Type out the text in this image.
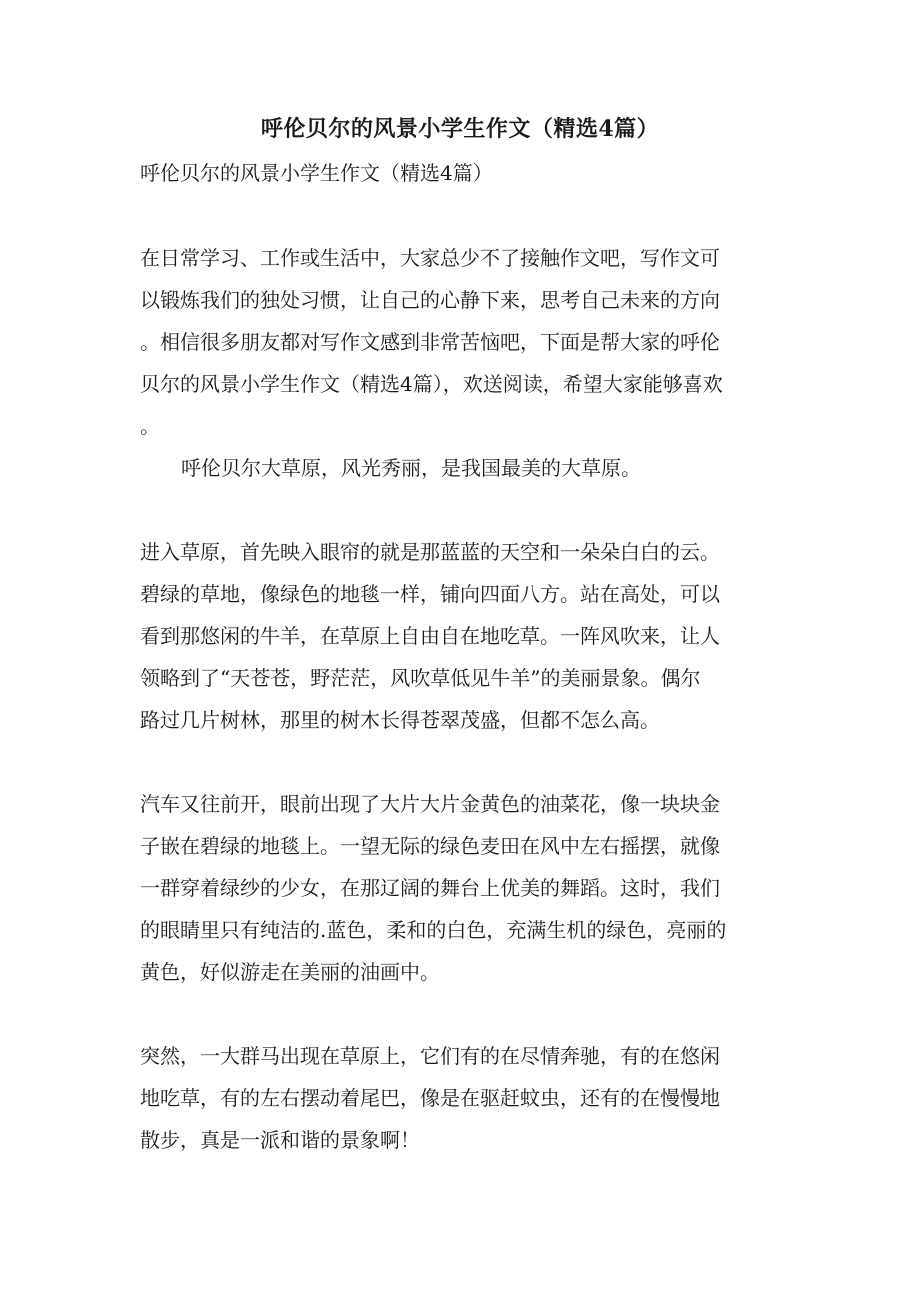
呼伦贝尔的风景小学生作文（精选4篇）
呼伦贝尔的风景小学生作文（精选4篇）
在日常学习、工作或生活中，大家总少不了接触作文吧，写作文可
以锻炼我们的独处习惯，让自己的心静下来，思考自己未来的方向
。相信很多朋友都对写作文感到非常苦恼吧，下面是帮大家的呼伦
贝尔的风景小学生作文（精选4篇），欢送阅读，希望大家能够喜欢
。
呼伦贝尔大草原，风光秀丽，是我国最美的大草原。
进入草原，首先映入眼帘的就是那蓝蓝的天空和一朵朵白白的云。
碧绿的草地，像绿色的地毯一样，铺向四面八方。站在高处，可以
看到那悠闲的牛羊，在草原上自由自在地吃草。一阵风吹来，让人
领略到了“天苍苍，野茫茫，风吹草低见牛羊”的美丽景象。偶尔
路过几片树林，那里的树木长得苍翠茂盛，但都不怎么高。
汽车又往前开，眼前出现了大片大片金黄色的油菜花，像一块块金
子嵌在碧绿的地毯上。一望无际的绿色麦田在风中左右摇摆，就像
一群穿着绿纱的少女，在那辽阔的舞台上优美的舞蹈。这时，我们
的眼睛里只有纯洁的.蓝色，柔和的白色，充满生机的绿色，亮丽的
黄色，好似游走在美丽的油画中。
突然，一大群马出现在草原上，它们有的在尽情奔驰，有的在悠闲
地吃草，有的左右摆动着尾巴，像是在驱赶蚊虫，还有的在慢慢地
散步，真是一派和谐的景象啊！
